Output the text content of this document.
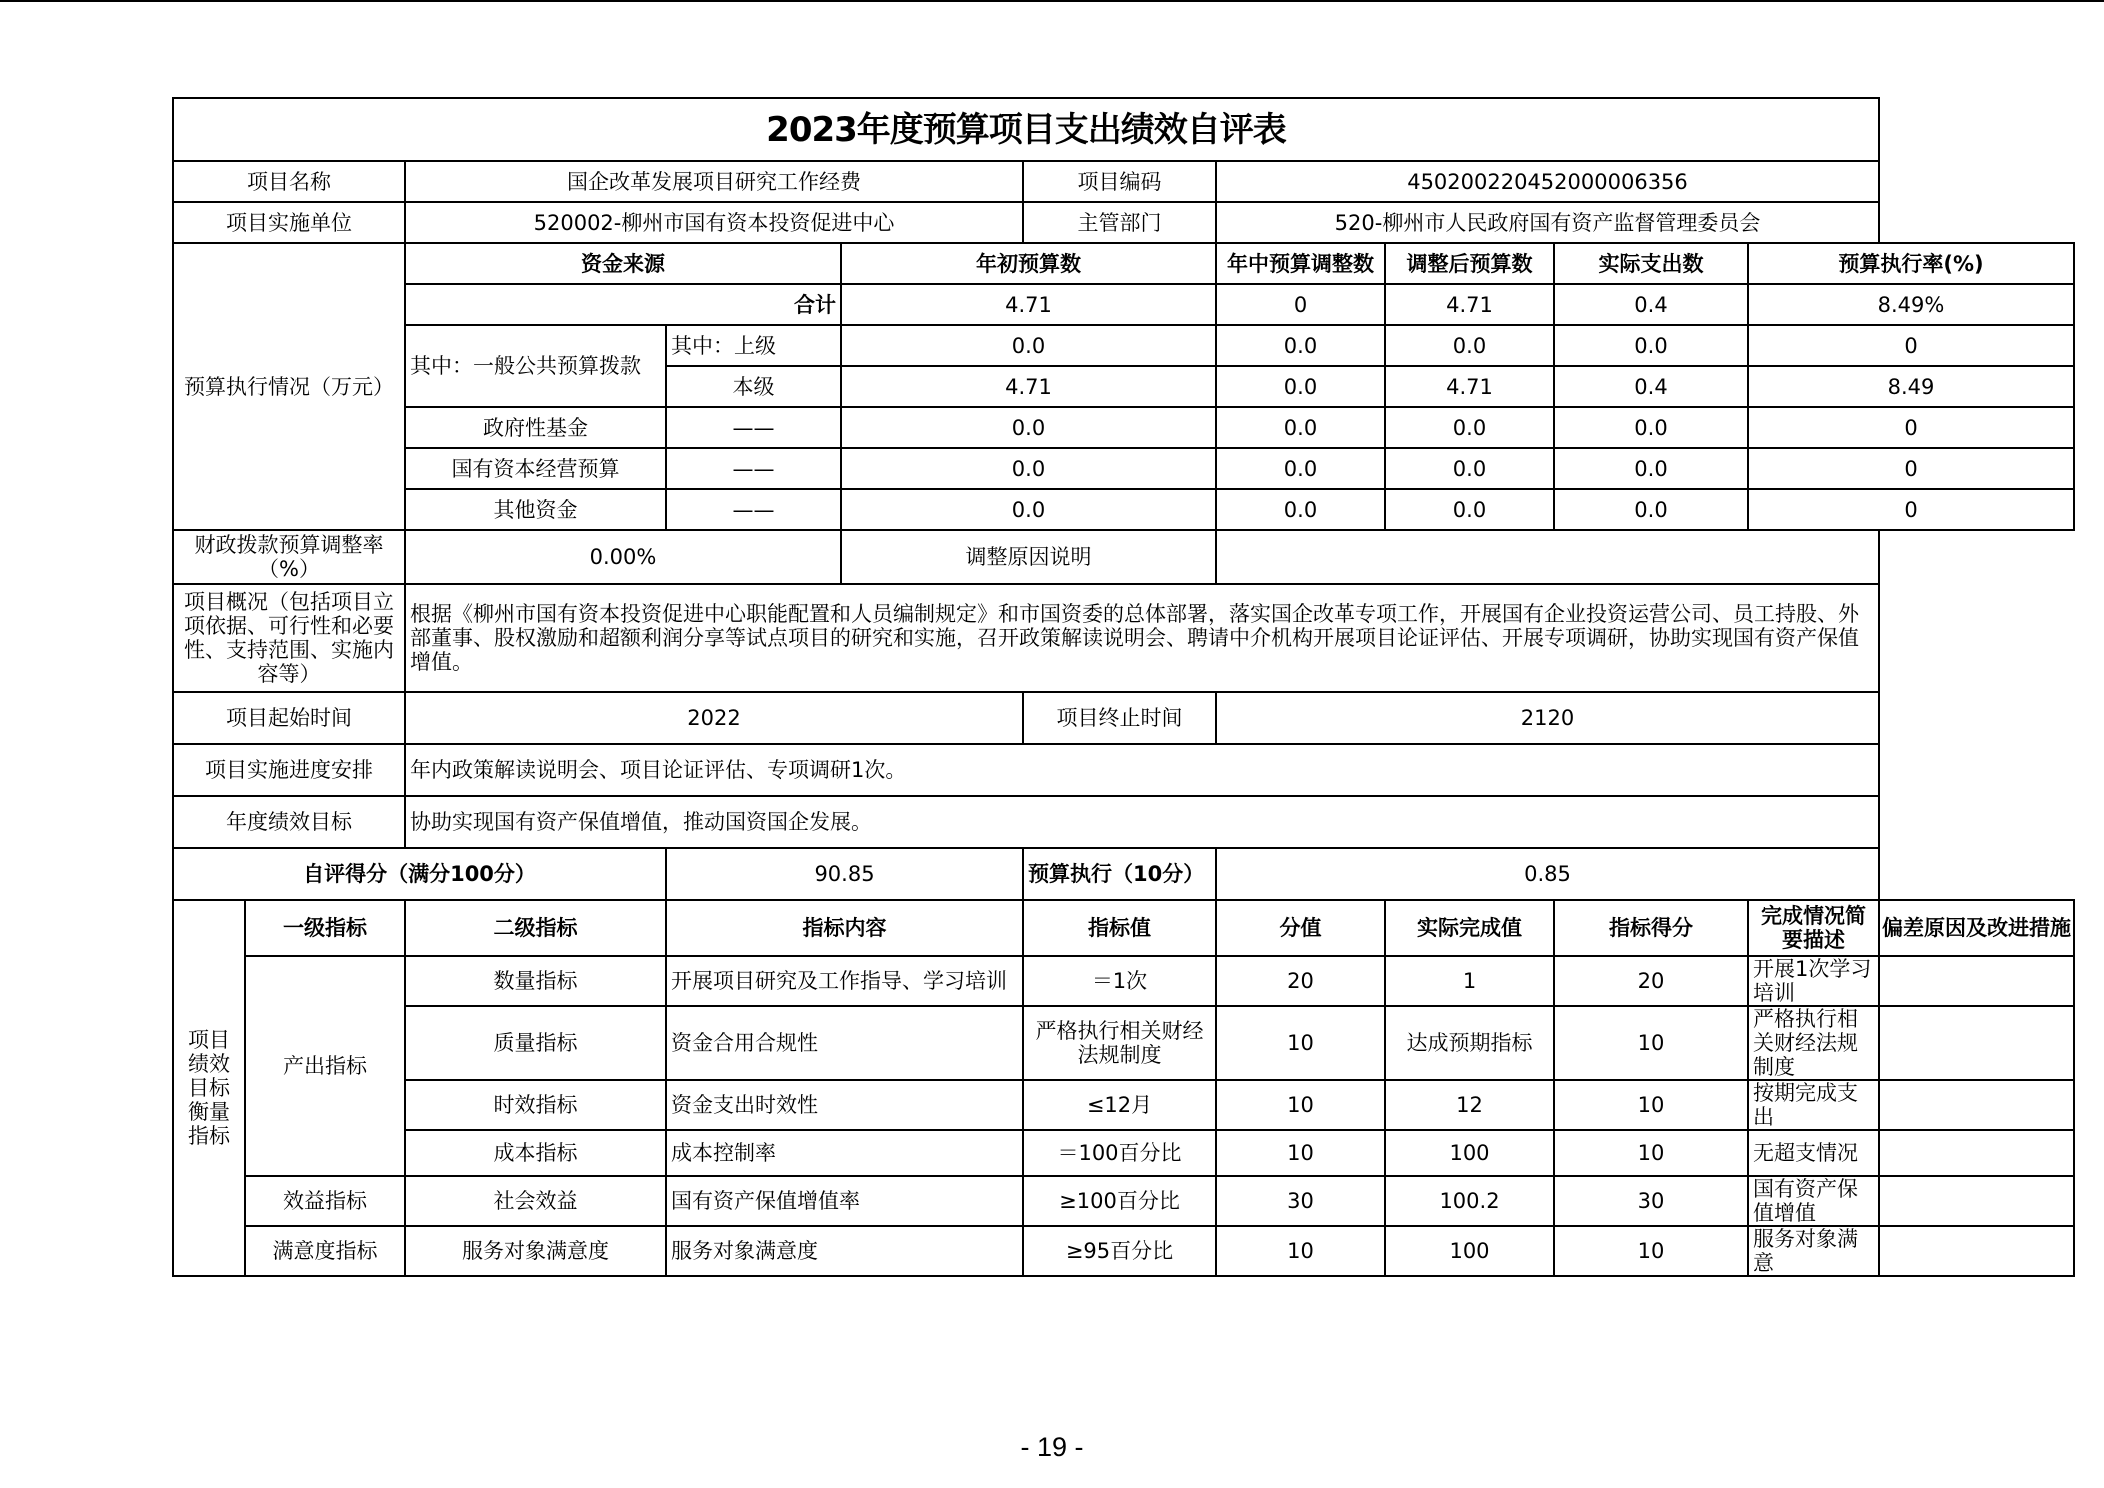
2023年度预算项目支出绩效自评表										
项目名称		国企改革发展项目研究工作经费			项目编码	450200220452000006356				
项目实施单位		520002-柳州市国有资本投资促进中心			主管部门	520-柳州市人民政府国有资产监督管理委员会				
预算执行情况（万元）		资金来源		年初预算数		年中预算调整数	调整后预算数	实际支出数	预算执行率(%)	
		合计		4.71		0	4.71	0.4	8.49%	
		其中：一般公共预算拨款	其中：上级	0.0		0.0	0.0	0.0	0	
			本级	4.71		0.0	4.71	0.4	8.49	
		政府性基金	——	0.0		0.0	0.0	0.0	0	
		国有资本经营预算	——	0.0		0.0	0.0	0.0	0	
		其他资金	——	0.0		0.0	0.0	0.0	0	
财政拨款预算调整率（%）		0.00%		调整原因说明						
项目概况（包括项目立项依据、可行性和必要性、支持范围、实施内容等）		根据《柳州市国有资本投资促进中心职能配置和人员编制规定》和市国资委的总体部署，落实国企改革专项工作，开展国有企业投资运营公司、员工持股、外部董事、股权激励和超额利润分享等试点项目的研究和实施，召开政策解读说明会、聘请中介机构开展项目论证评估、开展专项调研，协助实现国有资产保值增值。								
项目起始时间		2022			项目终止时间	2120				
项目实施进度安排		年内政策解读说明会、项目论证评估、专项调研1次。								
年度绩效目标		协助实现国有资产保值增值，推动国资国企发展。								
自评得分（满分100分）			90.85		预算执行（10分）	0.85				
项目绩效目标衡量指标	一级指标	二级指标	指标内容		指标值	分值	实际完成值	指标得分	完成情况简要描述	偏差原因及改进措施
	产出指标	数量指标	开展项目研究及工作指导、学习培训		＝1次	20	1	20	开展1次学习培训	
		质量指标	资金合用合规性		严格执行相关财经法规制度	10	达成预期指标	10	严格执行相关财经法规制度	
		时效指标	资金支出时效性		≤12月	10	12	10	按期完成支出	
		成本指标	成本控制率		＝100百分比	10	100	10	无超支情况	
	效益指标	社会效益	国有资产保值增值率		≥100百分比	30	100.2	30	国有资产保值增值	
	满意度指标	服务对象满意度	服务对象满意度		≥95百分比	10	100	10	服务对象满意	
- 19 -
